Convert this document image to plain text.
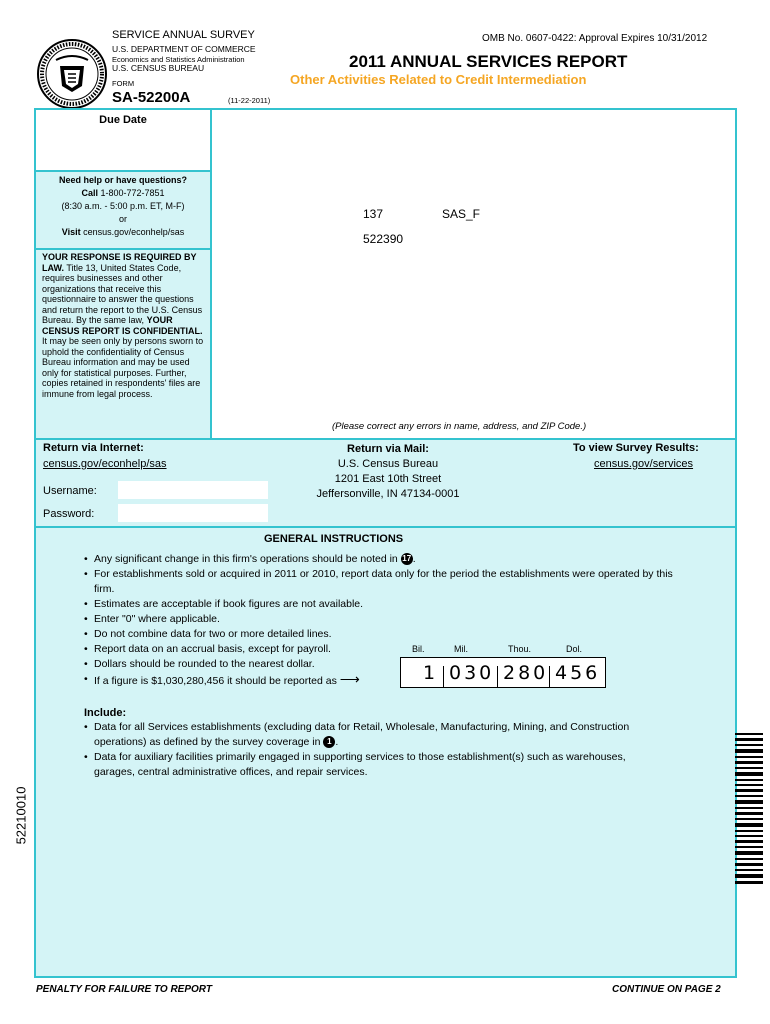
SERVICE ANNUAL SURVEY
U.S. DEPARTMENT OF COMMERCE
Economics and Statistics Administration
U.S. CENSUS BUREAU
FORM
SA-52200A	(11-22-2011)
OMB No. 0607-0422: Approval Expires 10/31/2012
2011 ANNUAL SERVICES REPORT
Other Activities Related to Credit Intermediation
Due Date
Need help or have questions?
Call 1-800-772-7851
(8:30 a.m. - 5:00 p.m. ET, M-F)
or
Visit census.gov/econhelp/sas
YOUR RESPONSE IS REQUIRED BY LAW. Title 13, United States Code, requires businesses and other organizations that receive this questionnaire to answer the questions and return the report to the U.S. Census Bureau. By the same law, YOUR CENSUS REPORT IS CONFIDENTIAL. It may be seen only by persons sworn to uphold the confidentiality of Census Bureau information and may be used only for statistical purposes. Further, copies retained in respondents' files are immune from legal process.
137	SAS_F
522390
(Please correct any errors in name, address, and ZIP Code.)
Return via Internet:
census.gov/econhelp/sas
Username:
Password:
Return via Mail:
U.S. Census Bureau
1201 East 10th Street
Jeffersonville, IN 47134-0001
To view Survey Results:
census.gov/services
GENERAL INSTRUCTIONS
• Any significant change in this firm's operations should be noted in 17 .
• For establishments sold or acquired in 2011 or 2010, report data only for the period the establishments were operated by this firm.
• Estimates are acceptable if book figures are not available.
• Enter "0" where applicable.
• Do not combine data for two or more detailed lines.
• Report data on an accrual basis, except for payroll.
• Dollars should be rounded to the nearest dollar.
• If a figure is $1,030,280,456 it should be reported as ⟶
Bil.	Mil.	Thou.	Dol.
1 030 280 456
Include:
• Data for all Services establishments (excluding data for Retail, Wholesale, Manufacturing, Mining, and Construction operations) as defined by the survey coverage in 1 .
• Data for auxiliary facilities primarily engaged in supporting services to those establishment(s) such as warehouses, garages, central administrative offices, and repair services.
52210010
PENALTY FOR FAILURE TO REPORT	CONTINUE ON PAGE 2
